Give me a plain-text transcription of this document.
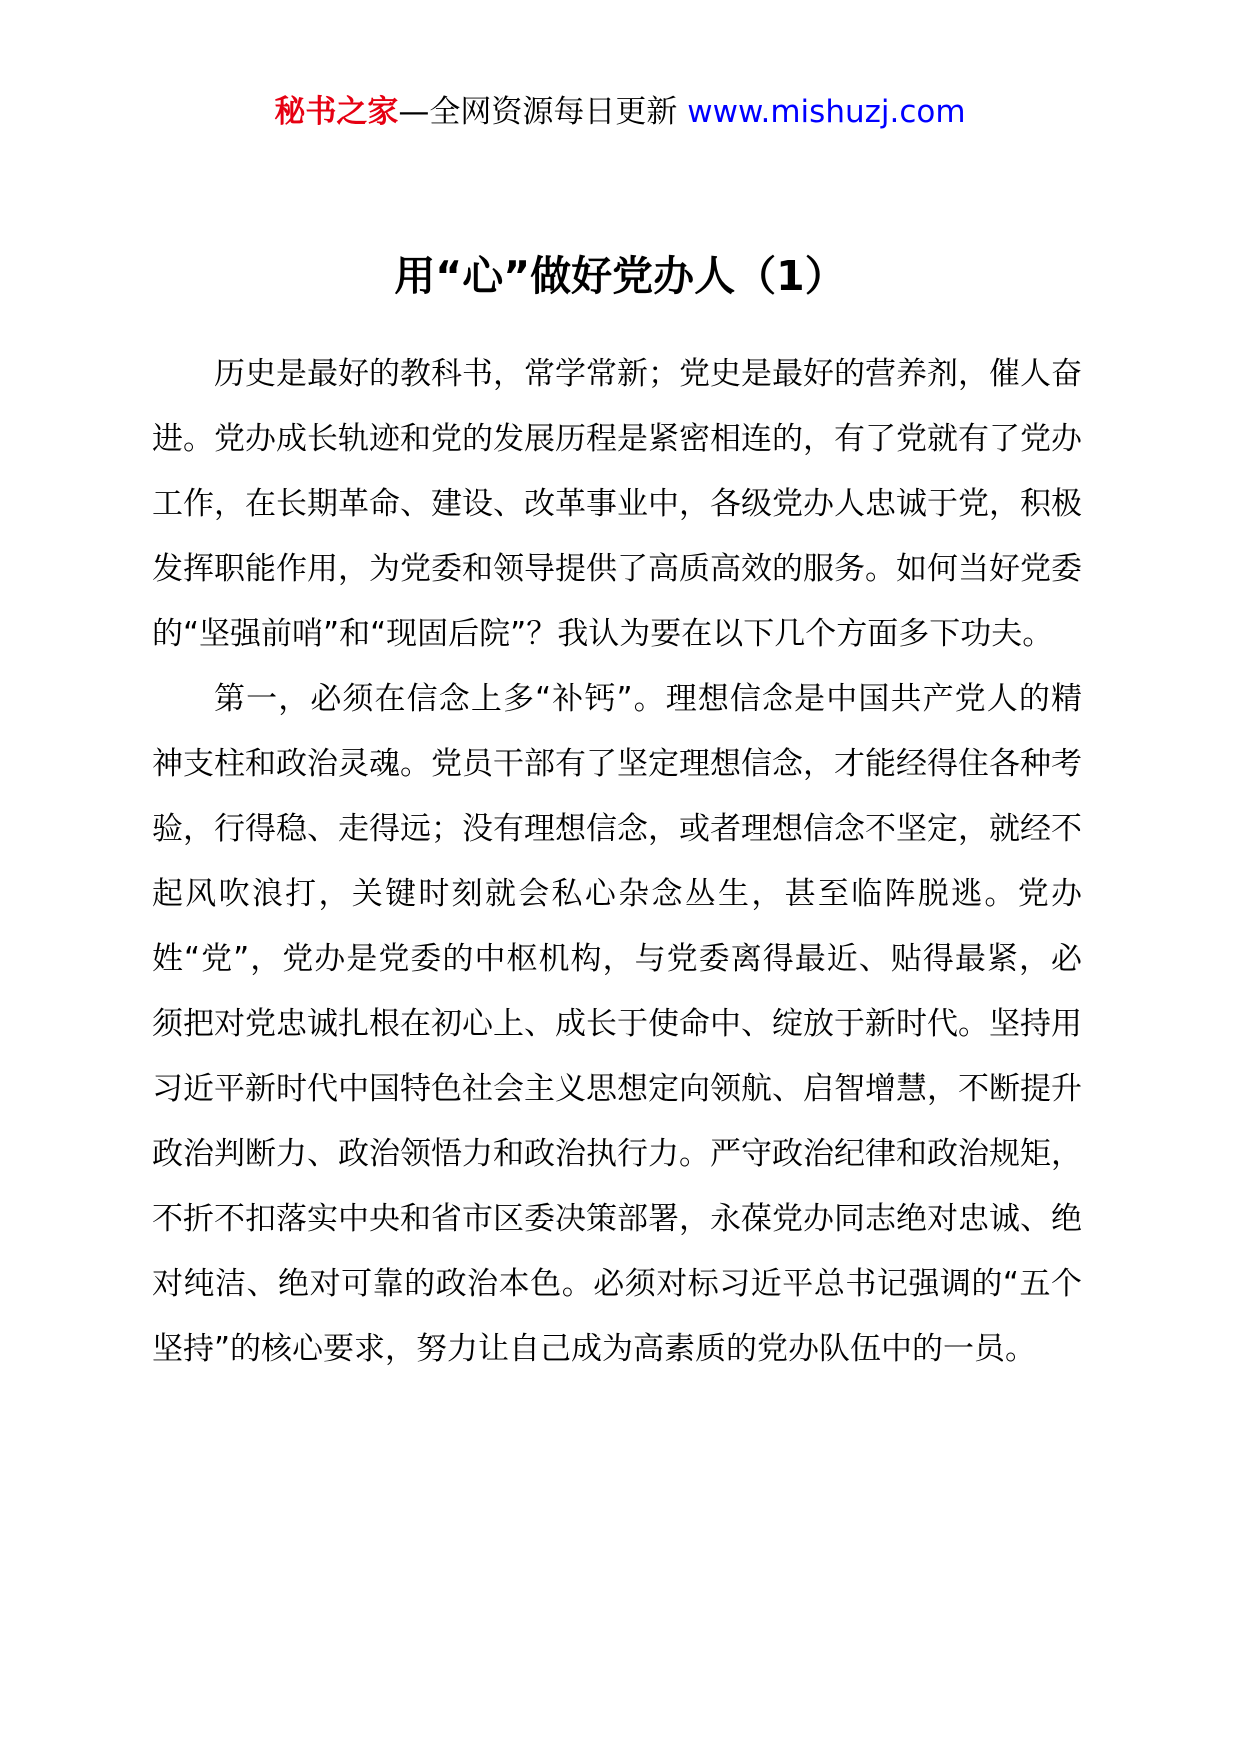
秘书之家—全网资源每日更新 www.mishuzj.com
用“心”做好党办人（1）

历史是最好的教科书，常学常新；党史是最好的营养剂，催人奋进。党办成长轨迹和党的发展历程是紧密相连的，有了党就有了党办工作，在长期革命、建设、改革事业中，各级党办人忠诚于党，积极发挥职能作用，为党委和领导提供了高质高效的服务。如何当好党委的“坚强前哨”和“现固后院”？我认为要在以下几个方面多下功夫。

第一，必须在信念上多“补钙”。理想信念是中国共产党人的精神支柱和政治灵魂。党员干部有了坚定理想信念，才能经得住各种考验，行得稳、走得远；没有理想信念，或者理想信念不坚定，就经不起风吹浪打，关键时刻就会私心杂念丛生，甚至临阵脱逃。党办姓“党”，党办是党委的中枢机构，与党委离得最近、贴得最紧，必须把对党忠诚扎根在初心上、成长于使命中、绽放于新时代。坚持用习近平新时代中国特色社会主义思想定向领航、启智增慧，不断提升政治判断力、政治领悟力和政治执行力。严守政治纪律和政治规矩，不折不扣落实中央和省市区委决策部署，永葆党办同志绝对忠诚、绝对纯洁、绝对可靠的政治本色。必须对标习近平总书记强调的“五个坚持”的核心要求，努力让自己成为高素质的党办队伍中的一员。
